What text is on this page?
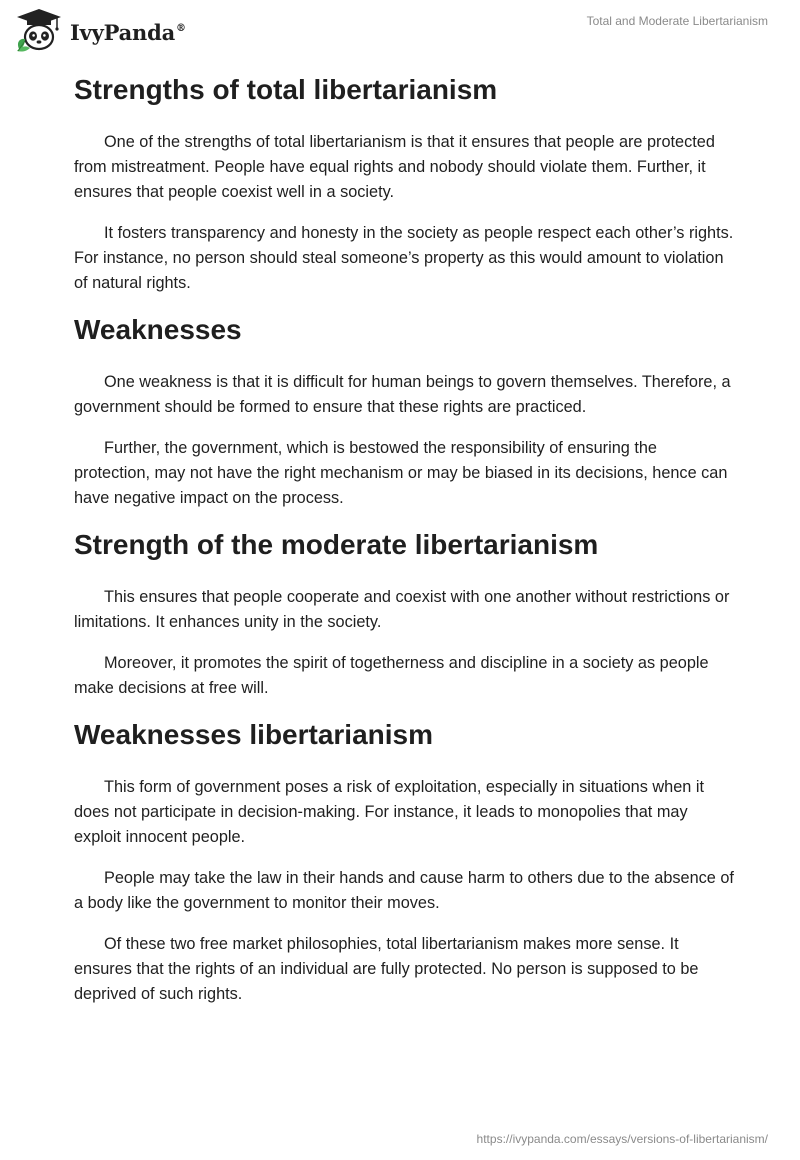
IvyPanda®	Total and Moderate Libertarianism
Strengths of total libertarianism

One of the strengths of total libertarianism is that it ensures that people are protected from mistreatment. People have equal rights and nobody should violate them. Further, it ensures that people coexist well in a society.

It fosters transparency and honesty in the society as people respect each other’s rights. For instance, no person should steal someone’s property as this would amount to violation of natural rights.

Weaknesses

One weakness is that it is difficult for human beings to govern themselves. Therefore, a government should be formed to ensure that these rights are practiced.

Further, the government, which is bestowed the responsibility of ensuring the protection, may not have the right mechanism or may be biased in its decisions, hence can have negative impact on the process.

Strength of the moderate libertarianism

This ensures that people cooperate and coexist with one another without restrictions or limitations. It enhances unity in the society.

Moreover, it promotes the spirit of togetherness and discipline in a society as people make decisions at free will.

Weaknesses libertarianism

This form of government poses a risk of exploitation, especially in situations when it does not participate in decision-making. For instance, it leads to monopolies that may exploit innocent people.

People may take the law in their hands and cause harm to others due to the absence of a body like the government to monitor their moves.

Of these two free market philosophies, total libertarianism makes more sense. It ensures that the rights of an individual are fully protected. No person is supposed to be deprived of such rights.

https://ivypanda.com/essays/versions-of-libertarianism/
